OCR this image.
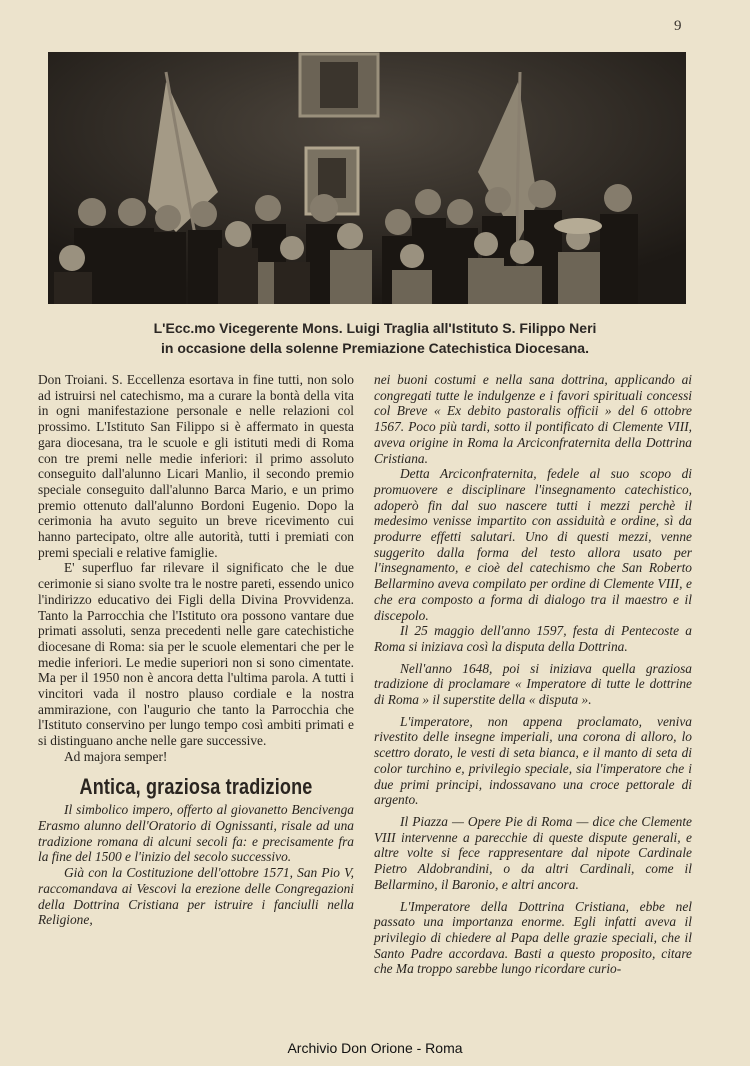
9
L'Ecc.mo Vicegerente Mons. Luigi Traglia all'Istituto S. Filippo Neri
in occasione della solenne Premiazione Catechistica Diocesana.

Don Troiani. S. Eccellenza esortava in fine tutti, non solo ad istruirsi nel catechismo, ma a curare la bontà della vita in ogni manifestazione personale e nelle relazioni col prossimo. L'Istituto San Filippo si è affermato in questa gara diocesana, tra le scuole e gli istituti medi di Roma con tre premi nelle medie inferiori: il primo assoluto conseguito dall'alunno Licari Manlio, il secondo premio speciale conseguito dall'alunno Barca Mario, e un primo premio ottenuto dall'alunno Bordoni Eugenio. Dopo la cerimonia ha avuto seguito un breve ricevimento cui hanno partecipato, oltre alle autorità, tutti i premiati con premi speciali e relative famiglie.

E' superfluo far rilevare il significato che le due cerimonie si siano svolte tra le nostre pareti, essendo unico l'indirizzo educativo dei Figli della Divina Provvidenza. Tanto la Parrocchia che l'Istituto ora possono vantare due primati assoluti, senza precedenti nelle gare catechistiche diocesane di Roma: sia per le scuole elementari che per le medie inferiori. Le medie superiori non si sono cimentate. Ma per il 1950 non è ancora detta l'ultima parola. A tutti i vincitori vada il nostro plauso cordiale e la nostra ammirazione, con l'augurio che tanto la Parrocchia che l'Istituto conservino per lungo tempo così ambiti primati e si distinguano anche nelle gare successive.

Ad majora semper!

Antica, graziosa tradizione

Il simbolico impero, offerto al giovanetto Bencivenga Erasmo alunno dell'Oratorio di Ognissanti, risale ad una tradizione romana di alcuni secoli fa: e precisamente fra la fine del 1500 e l'inizio del secolo successivo.

Già con la Costituzione dell'ottobre 1571, San Pio V, raccomandava ai Vescovi la erezione delle Congregazioni della Dottrina Cristiana per istruire i fanciulli nella Religione,

nei buoni costumi e nella sana dottrina, applicando ai congregati tutte le indulgenze e i favori spirituali concessi col Breve « Ex debito pastoralis officii » del 6 ottobre 1567. Poco più tardi, sotto il pontificato di Clemente VIII, aveva origine in Roma la Arciconfraternita della Dottrina Cristiana.

Detta Arciconfraternita, fedele al suo scopo di promuovere e disciplinare l'insegnamento catechistico, adoperò fin dal suo nascere tutti i mezzi perchè il medesimo venisse impartito con assiduità e ordine, sì da produrre effetti salutari. Uno di questi mezzi, venne suggerito dalla forma del testo allora usato per l'insegnamento, e cioè del catechismo che San Roberto Bellarmino aveva compilato per ordine di Clemente VIII, e che era composto a forma di dialogo tra il maestro e il discepolo.

Il 25 maggio dell'anno 1597, festa di Pentecoste a Roma si iniziava così la disputa della Dottrina.

Nell'anno 1648, poi si iniziava quella graziosa tradizione di proclamare « Imperatore di tutte le dottrine di Roma » il superstite della « disputa ».

L'imperatore, non appena proclamato, veniva rivestito delle insegne imperiali, una corona di alloro, lo scettro dorato, le vesti di seta bianca, e il manto di seta di color turchino e, privilegio speciale, sia l'imperatore che i due primi principi, indossavano una croce pettorale di argento.

Il Piazza — Opere Pie di Roma — dice che Clemente VIII intervenne a parecchie di queste dispute generali, e altre volte si fece rappresentare dal nipote Cardinale Pietro Aldobrandini, o da altri Cardinali, come il Bellarmino, il Baronio, e altri ancora.

L'Imperatore della Dottrina Cristiana, ebbe nel passato una importanza enorme. Egli infatti aveva il privilegio di chiedere al Papa delle grazie speciali, che il Santo Padre accordava. Basti a questo proposito, citare che Ma troppo sarebbe lungo ricordare curio-

Archivio Don Orione - Roma
